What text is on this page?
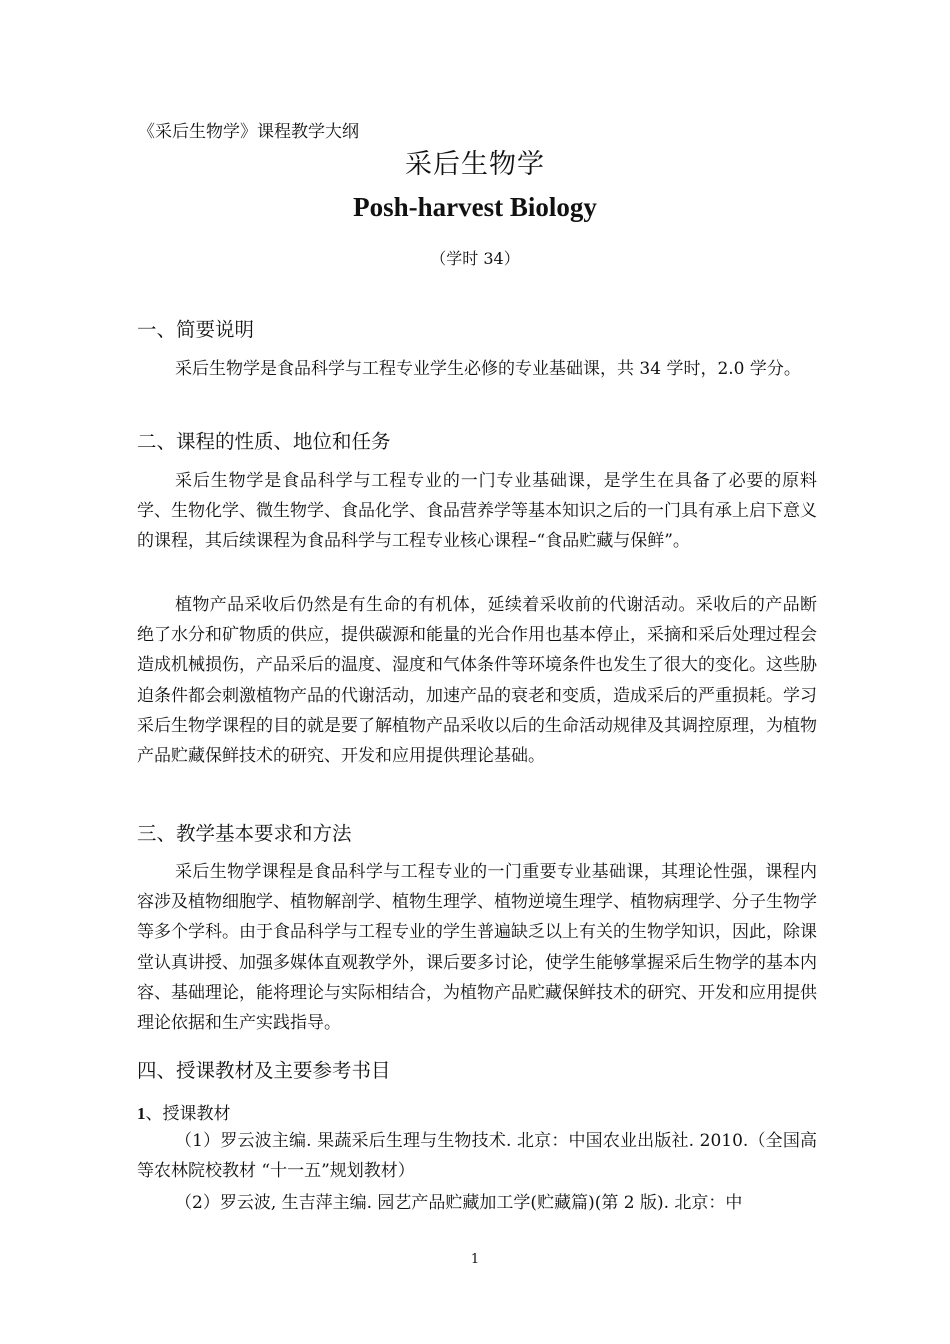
《采后生物学》课程教学大纲
采后生物学
Posh-harvest Biology
（学时 34）
一、简要说明
采后生物学是食品科学与工程专业学生必修的专业基础课，共 34 学时，2.0 学分。
二、课程的性质、地位和任务
采后生物学是食品科学与工程专业的一门专业基础课，是学生在具备了必要的原料学、生物化学、微生物学、食品化学、食品营养学等基本知识之后的一门具有承上启下意义的课程，其后续课程为食品科学与工程专业核心课程–“食品贮藏与保鲜”。
植物产品采收后仍然是有生命的有机体，延续着采收前的代谢活动。采收后的产品断绝了水分和矿物质的供应，提供碳源和能量的光合作用也基本停止，采摘和采后处理过程会造成机械损伤，产品采后的温度、湿度和气体条件等环境条件也发生了很大的变化。这些胁迫条件都会刺激植物产品的代谢活动，加速产品的衰老和变质，造成采后的严重损耗。学习采后生物学课程的目的就是要了解植物产品采收以后的生命活动规律及其调控原理，为植物产品贮藏保鲜技术的研究、开发和应用提供理论基础。
三、教学基本要求和方法
采后生物学课程是食品科学与工程专业的一门重要专业基础课，其理论性强，课程内容涉及植物细胞学、植物解剖学、植物生理学、植物逆境生理学、植物病理学、分子生物学等多个学科。由于食品科学与工程专业的学生普遍缺乏以上有关的生物学知识，因此，除课堂认真讲授、加强多媒体直观教学外，课后要多讨论，使学生能够掌握采后生物学的基本内容、基础理论，能将理论与实际相结合，为植物产品贮藏保鲜技术的研究、开发和应用提供理论依据和生产实践指导。
四、授课教材及主要参考书目
1、授课教材
（1）罗云波主编. 果蔬采后生理与生物技术. 北京：中国农业出版社. 2010.（全国高等农林院校教材 “十一五”规划教材）
（2）罗云波, 生吉萍主编. 园艺产品贮藏加工学(贮藏篇)(第 2 版). 北京：中
1
